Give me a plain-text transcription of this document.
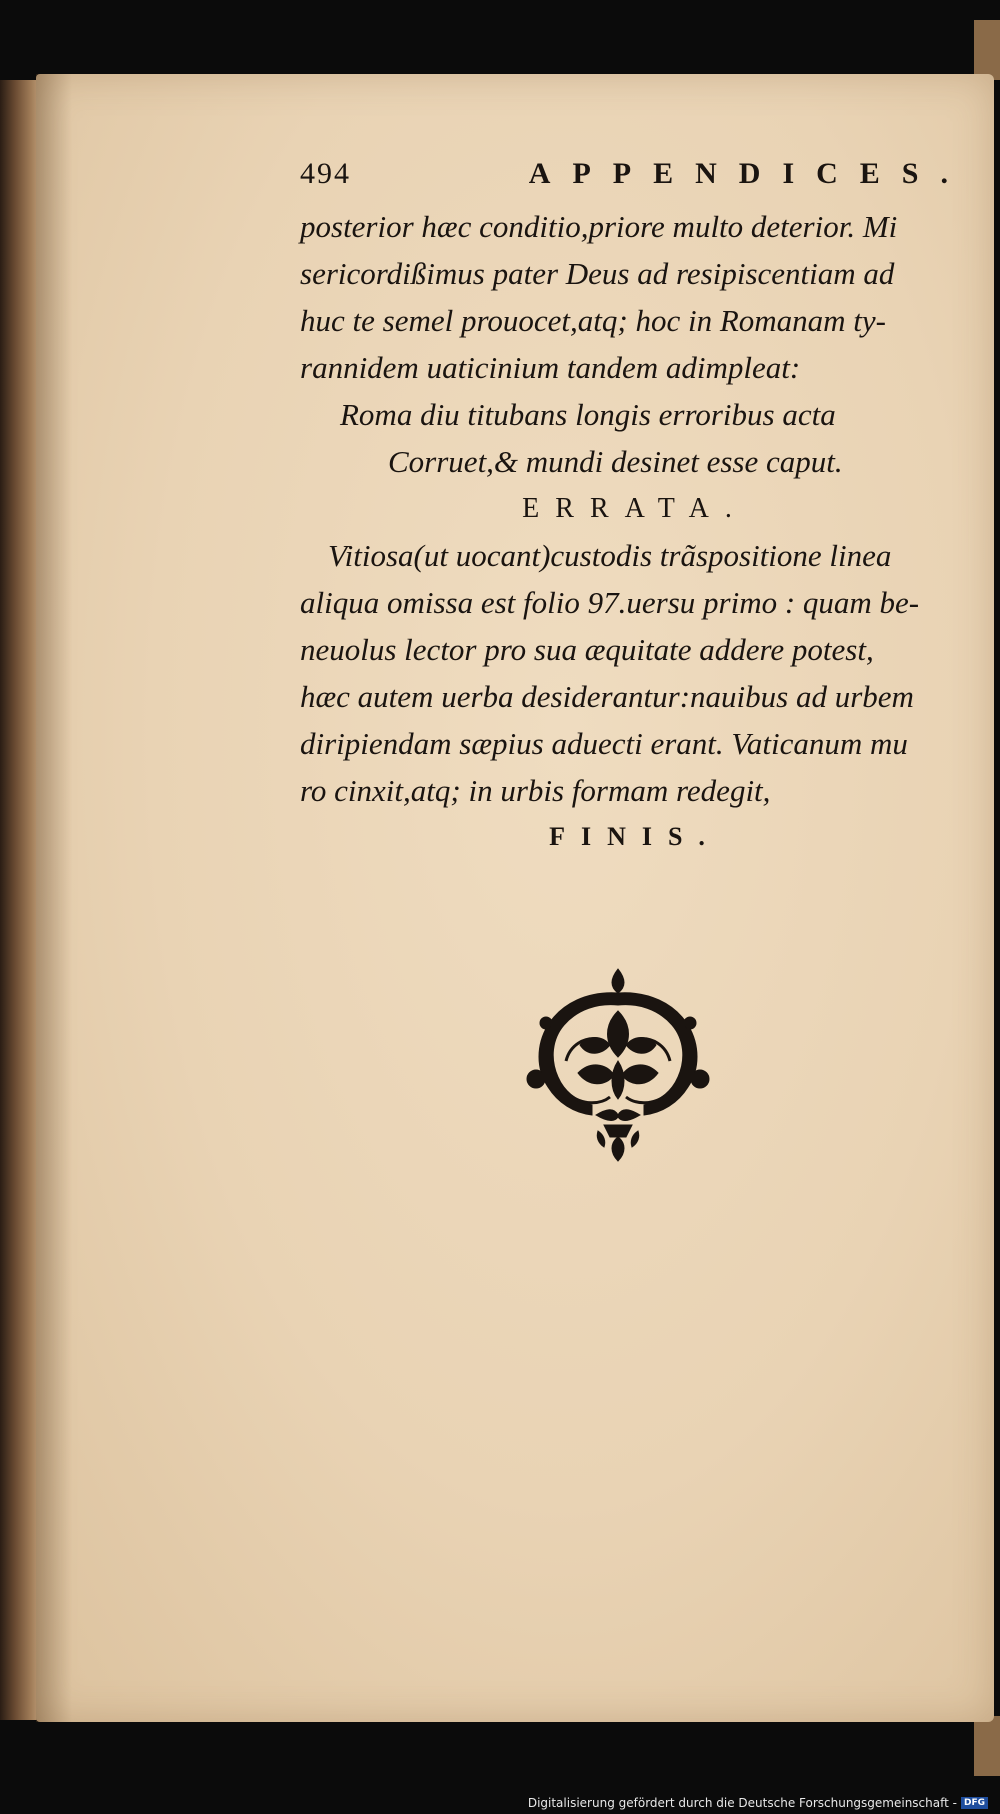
494	APPENDICES.
posterior hæc conditio,priore multo deterior. Mi
sericordißimus pater Deus ad resipiscentiam ad
huc te semel prouocet,atq; hoc in Romanam ty-
rannidem uaticinium tandem adimpleat:
Roma diu titubans longis erroribus acta
Corruet,& mundi desinet esse caput.
ERRATA.
Vitiosa(ut uocant)custodis trãspositione linea
aliqua omissa est folio 97.uersu primo : quam be-
neuolus lector pro sua æquitate addere potest,
hæc autem uerba desiderantur:nauibus ad urbem
diripiendam sæpius aduecti erant. Vaticanum mu
ro cinxit,atq; in urbis formam redegit,
FINIS.
Digitalisierung gefördert durch die Deutsche Forschungsgemeinschaft - DFG
